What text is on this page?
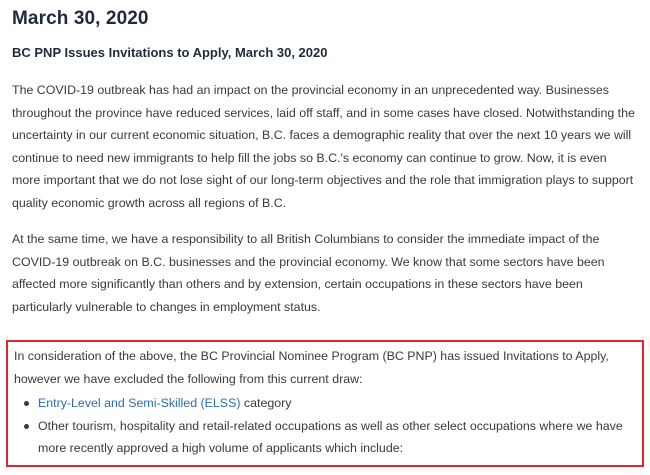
March 30, 2020
BC PNP Issues Invitations to Apply, March 30, 2020

The COVID-19 outbreak has had an impact on the provincial economy in an unprecedented way. Businesses throughout the province have reduced services, laid off staff, and in some cases have closed. Notwithstanding the uncertainty in our current economic situation, B.C. faces a demographic reality that over the next 10 years we will continue to need new immigrants to help fill the jobs so B.C.'s economy can continue to grow. Now, it is even more important that we do not lose sight of our long-term objectives and the role that immigration plays to support quality economic growth across all regions of B.C.

At the same time, we have a responsibility to all British Columbians to consider the immediate impact of the COVID-19 outbreak on B.C. businesses and the provincial economy. We know that some sectors have been affected more significantly than others and by extension, certain occupations in these sectors have been particularly vulnerable to changes in employment status.

In consideration of the above, the BC Provincial Nominee Program (BC PNP) has issued Invitations to Apply, however we have excluded the following from this current draw:

Entry-Level and Semi-Skilled (ELSS) category
Other tourism, hospitality and retail-related occupations as well as other select occupations where we have more recently approved a high volume of applicants which include:
